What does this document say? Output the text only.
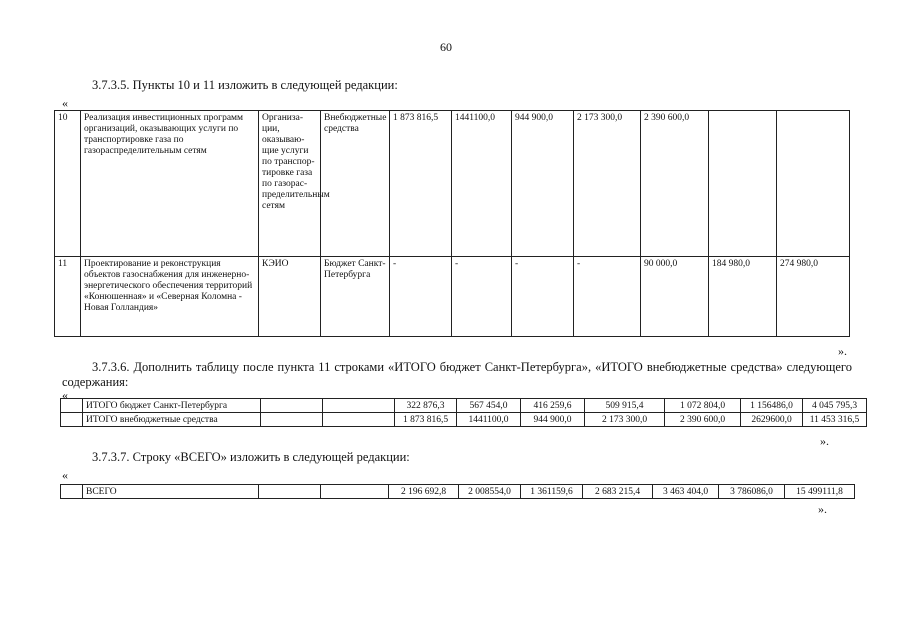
60
3.7.3.5. Пункты 10 и 11 изложить в следующей редакции:
«
10	Реализация инвестиционных программ организаций, оказывающих услуги по транспортировке газа по газораспределительным сетям	Организа-ции, оказываю-щие услуги по транспор-тировке газа по газорас-пределительным сетям	Внебюджетные средства	1 873 816,5	1441100,0	944 900,0	2 173 300,0	2 390 600,0		
11	Проектирование и реконструкция объектов газоснабжения для инженерно-энергетического обеспечения территорий «Конюшенная» и «Северная Коломна - Новая Голландия»	КЭИО	Бюджет Санкт-Петербурга	-	-	-	-	90 000,0	184 980,0	274 980,0
».
3.7.3.6. Дополнить таблицу после пункта 11 строками «ИТОГО бюджет Санкт-Петербурга», «ИТОГО внебюджетные средства» следующего содержания:
«
	ИТОГО бюджет Санкт-Петербурга			322 876,3	567 454,0	416 259,6	509 915,4	1 072 804,0	1 156486,0	4 045 795,3
	ИТОГО внебюджетные средства			1 873 816,5	1441100,0	944 900,0	2 173 300,0	2 390 600,0	2629600,0	11 453 316,5
».
3.7.3.7. Строку «ВСЕГО» изложить в следующей редакции:
«
	ВСЕГО			2 196 692,8	2 008554,0	1 361159,6	2 683 215,4	3 463 404,0	3 786086,0	15 499111,8
».
